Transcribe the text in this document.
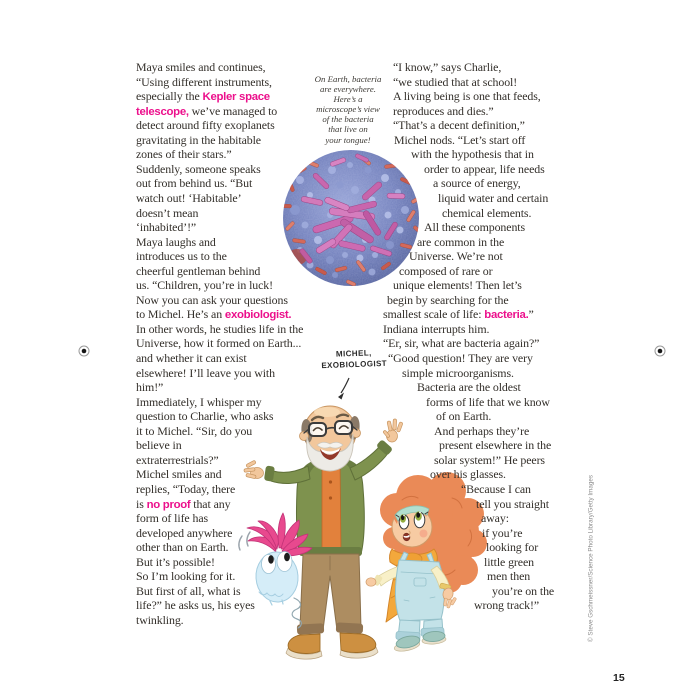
Maya smiles and continues,
“Using different instruments,
especially the Kepler space
telescope, we’ve managed to
detect around fifty exoplanets
gravitating in the habitable
zones of their stars.”
Suddenly, someone speaks
out from behind us. “But
watch out! ‘Habitable’
doesn’t mean
‘inhabited’!”
Maya laughs and
introduces us to the
cheerful gentleman behind
us. “Children, you’re in luck!
Now you can ask your questions
to Michel. He’s an exobiologist.
In other words, he studies life in the
Universe, how it formed on Earth...
and whether it can exist
elsewhere! I’ll leave you with
him!”
Immediately, I whisper my
question to Charlie, who asks
it to Michel. “Sir, do you
believe in
extraterrestrials?”
Michel smiles and
replies, “Today, there
is no proof that any
form of life has
developed anywhere
other than on Earth.
But it’s possible!
So I’m looking for it.
But first of all, what is
life?” he asks us, his eyes
twinkling.
“I know,” says Charlie,
“we studied that at school!
A living being is one that feeds,
reproduces and dies.”
“That’s a decent definition,”
Michel nods. “Let’s start off
with the hypothesis that in
order to appear, life needs
a source of energy,
liquid water and certain
chemical elements.
All these components
are common in the
Universe. We’re not
composed of rare or
unique elements! Then let’s
begin by searching for the
smallest scale of life: bacteria.”
Indiana interrupts him.
“Er, sir, what are bacteria again?”
“Good question! They are very
simple microorganisms.
Bacteria are the oldest
forms of life that we know
of on Earth.
And perhaps they’re
present elsewhere in the
solar system!” He peers
over his glasses.
“Because I can
tell you straight
away:
if you’re
looking for
little green
men then
you’re on the
wrong track!”
On Earth, bacteria
are everywhere.
Here’s a
microscope’s view
of the bacteria
that live on
your tongue!
MICHEL,
EXOBIOLOGIST
© Steve Gschmeissner/Science Photo Library/Getty Images
15
